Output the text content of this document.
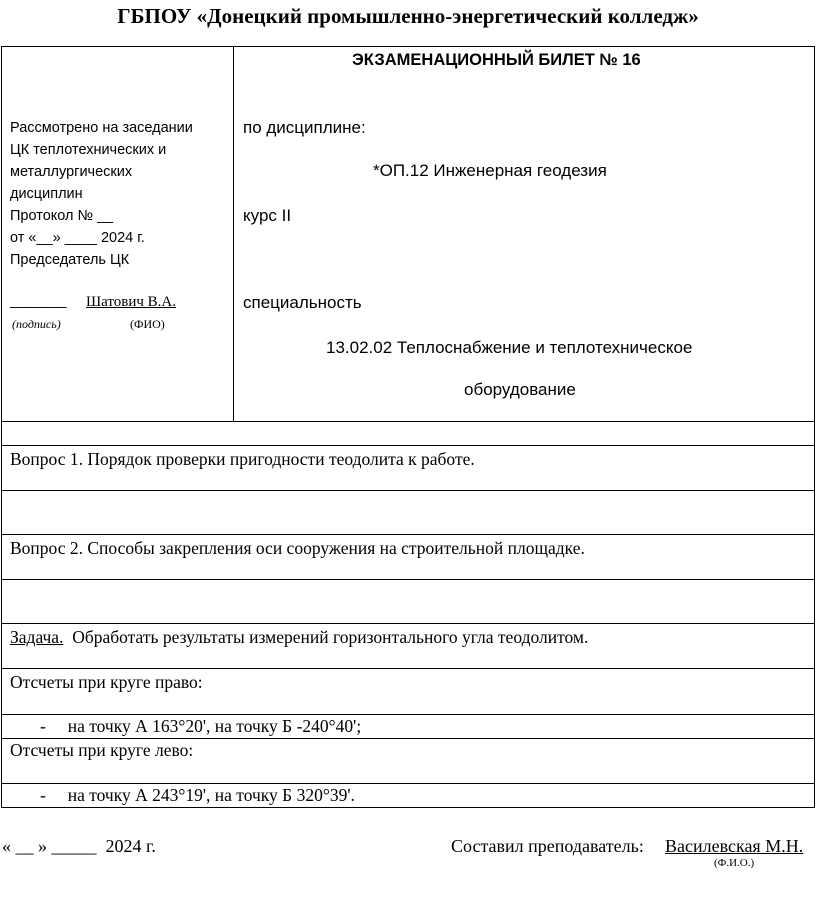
ГБПОУ «Донецкий промышленно-энергетический колледж»
Рассмотрено на заседании
ЦК теплотехнических и
металлургических
дисциплин
Протокол № __
от «__» ____ 2024 г.
Председатель ЦК
_______ Шатович В.А.
(подпись)	(ФИО)
ЭКЗАМЕНАЦИОННЫЙ БИЛЕТ № 16
по дисциплине:
*ОП.12 Инженерная геодезия
курс II
специальность
13.02.02 Теплоснабжение и теплотехническое
оборудование
Вопрос 1. Порядок проверки пригодности теодолита к работе.
Вопрос 2. Способы закрепления оси сооружения на строительной площадке.
Задача.  Обработать результаты измерений горизонтального угла теодолитом.
Отсчеты при круге право:
-     на точку А 163°20', на точку Б -240°40';
Отсчеты при круге лево:
-     на точку А 243°19', на точку Б 320°39'.
« __ » _____  2024 г.	Составил преподаватель: Василевская М.Н.
(Ф.И.О.)
